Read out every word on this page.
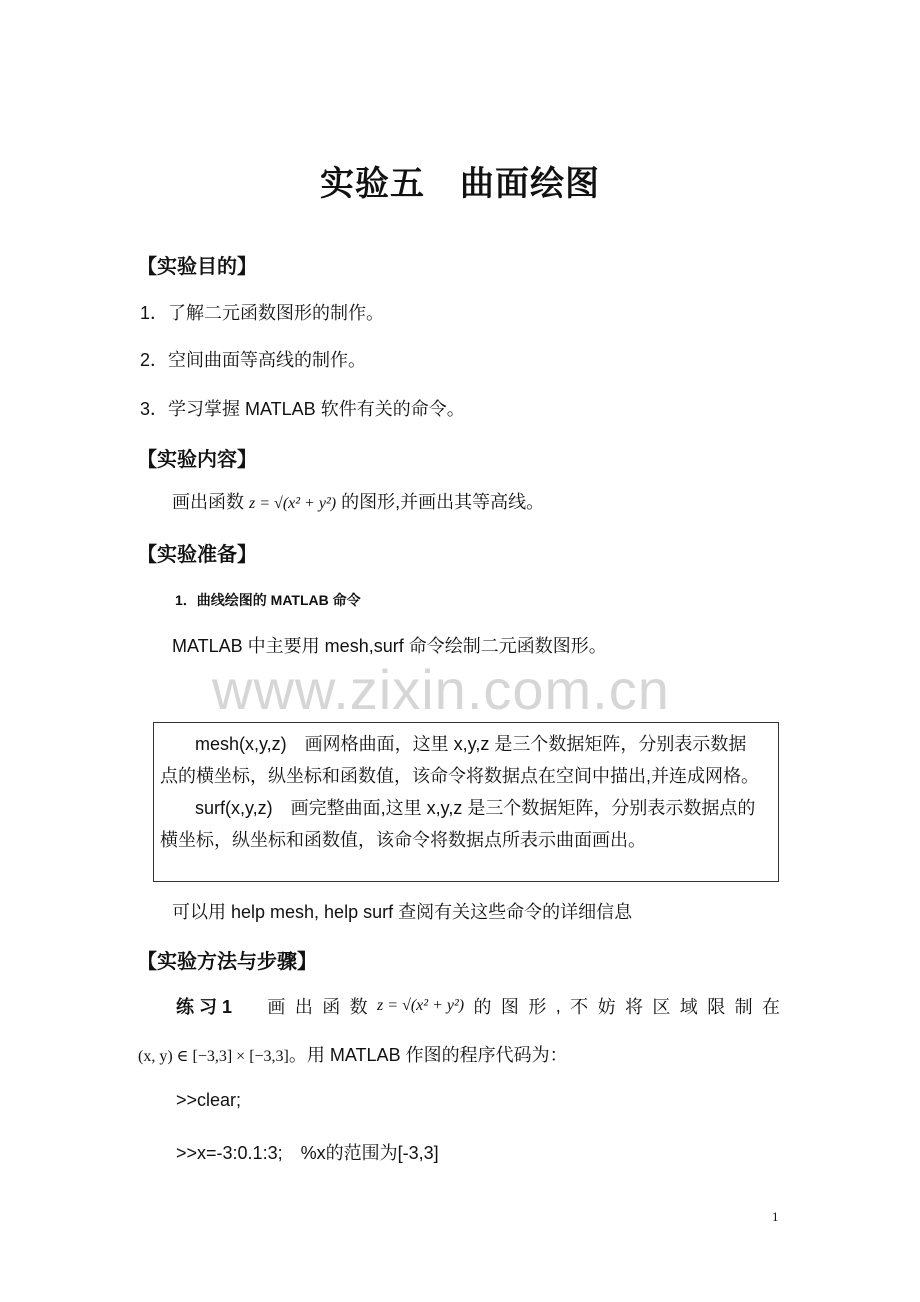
www.zixin.com.cn
实验五　曲面绘图
【实验目的】
1．了解二元函数图形的制作。
2．空间曲面等高线的制作。
3．学习掌握 MATLAB 软件有关的命令。
【实验内容】
画出函数 z = √(x² + y²) 的图形,并画出其等高线。
【实验准备】
1．曲线绘图的 MATLAB 命令
MATLAB 中主要用 mesh,surf 命令绘制二元函数图形。
mesh(x,y,z)　画网格曲面，这里 x,y,z 是三个数据矩阵，分别表示数据
点的横坐标，纵坐标和函数值，该命令将数据点在空间中描出,并连成网格。
surf(x,y,z)　画完整曲面,这里 x,y,z 是三个数据矩阵，分别表示数据点的
横坐标，纵坐标和函数值，该命令将数据点所表示曲面画出。
可以用 help mesh, help surf 查阅有关这些命令的详细信息
【实验方法与步骤】
练 习 1 画 出 函 数 z = √(x² + y²) 的 图 形 , 不 妨 将 区 域 限 制 在
(x, y) ∈ [−3,3] × [−3,3]。用 MATLAB 作图的程序代码为：
>>clear;
>>x=-3:0.1:3;　%x的范围为[-3,3]
1
